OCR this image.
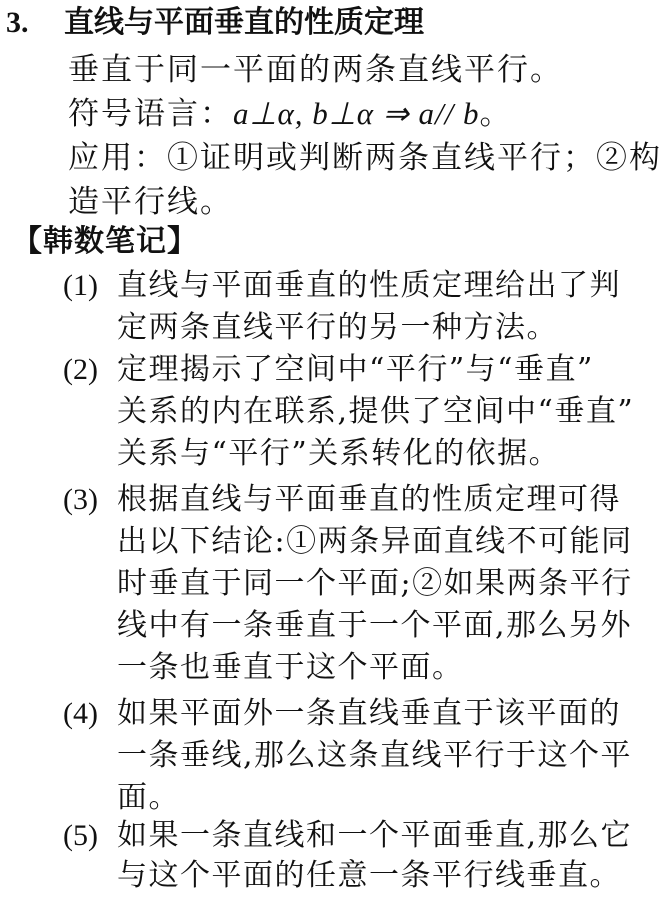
3. 直线与平面垂直的性质定理
垂直于同一平面的两条直线平行。
符号语言：a⊥α, b⊥α ⇒ a// b。
应用：①证明或判断两条直线平行；②构
造平行线。
【韩数笔记】
(1) 直线与平面垂直的性质定理给出了判
定两条直线平行的另一种方法。
(2) 定理揭示了空间中“平行”与“垂直”
关系的内在联系,提供了空间中“垂直”
关系与“平行”关系转化的依据。
(3) 根据直线与平面垂直的性质定理可得
出以下结论:①两条异面直线不可能同
时垂直于同一个平面;②如果两条平行
线中有一条垂直于一个平面,那么另外
一条也垂直于这个平面。
(4) 如果平面外一条直线垂直于该平面的
一条垂线,那么这条直线平行于这个平
面。
(5) 如果一条直线和一个平面垂直,那么它
与这个平面的任意一条平行线垂直。
